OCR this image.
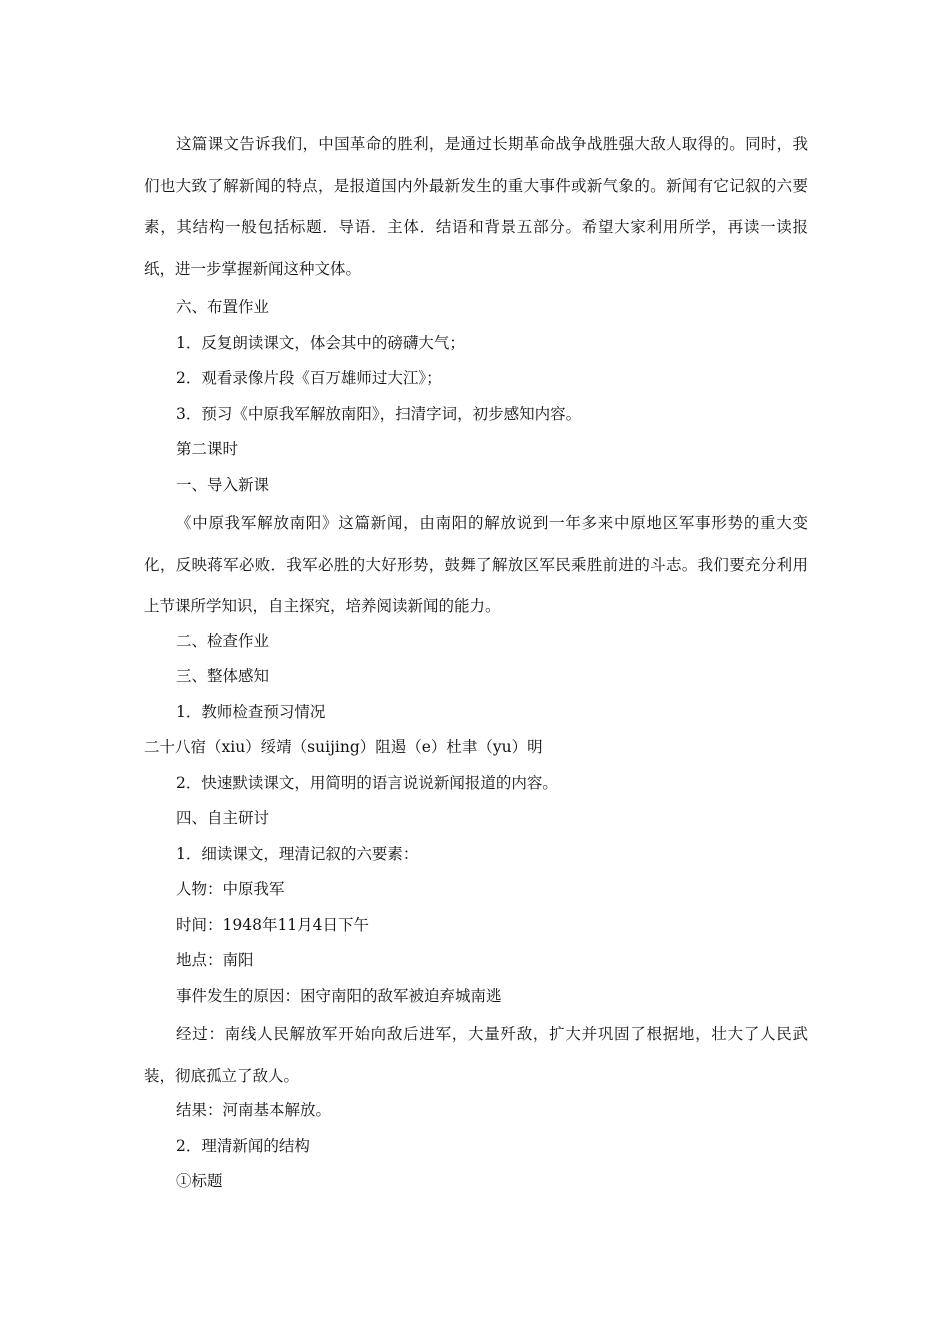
这篇课文告诉我们，中国革命的胜利，是通过长期革命战争战胜强大敌人取得的。同时，我们也大致了解新闻的特点，是报道国内外最新发生的重大事件或新气象的。新闻有它记叙的六要素，其结构一般包括标题．导语．主体．结语和背景五部分。希望大家利用所学，再读一读报纸，进一步掌握新闻这种文体。

六、布置作业

1．反复朗读课文，体会其中的磅礴大气；

2．观看录像片段《百万雄师过大江》；

3．预习《中原我军解放南阳》，扫清字词，初步感知内容。

第二课时

一、导入新课

《中原我军解放南阳》这篇新闻，由南阳的解放说到一年多来中原地区军事形势的重大变化，反映蒋军必败．我军必胜的大好形势，鼓舞了解放区军民乘胜前进的斗志。我们要充分利用上节课所学知识，自主探究，培养阅读新闻的能力。

二、检查作业

三、整体感知

1．教师检查预习情况

二十八宿（xiu）绥靖（suijing）阻遏（e）杜聿（yu）明

2．快速默读课文，用简明的语言说说新闻报道的内容。

四、自主研讨

1．细读课文，理清记叙的六要素：

人物：中原我军

时间：1948年11月4日下午

地点：南阳

事件发生的原因：困守南阳的敌军被迫弃城南逃

经过：南线人民解放军开始向敌后进军，大量歼敌，扩大并巩固了根据地，壮大了人民武装，彻底孤立了敌人。

结果：河南基本解放。

2．理清新闻的结构

①标题
